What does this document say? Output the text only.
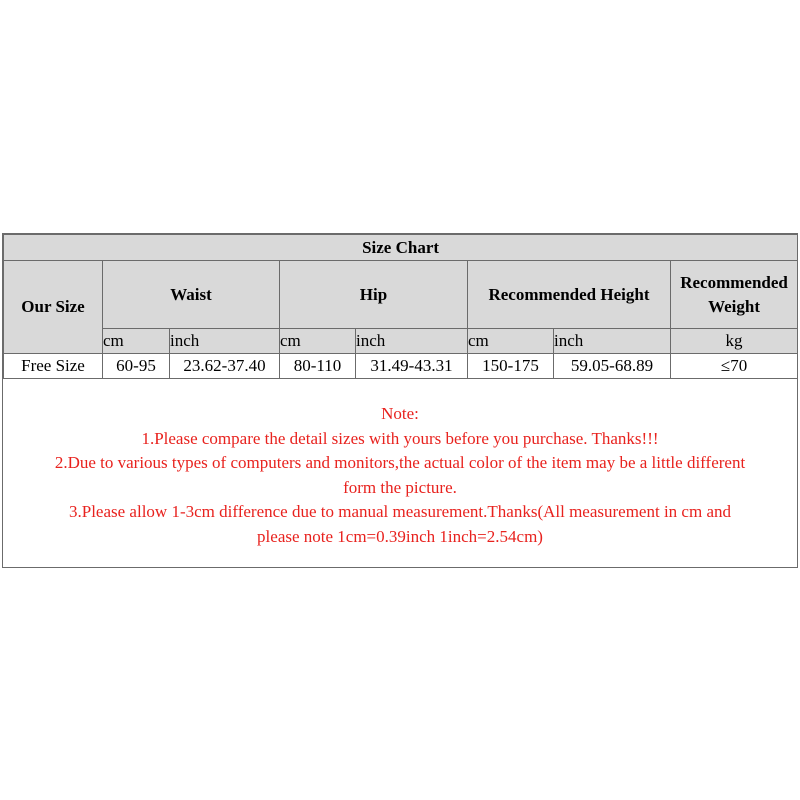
Size Chart							
Our Size	Waist		Hip		Recommended Height		Recommended Weight
	cm	inch	cm	inch	cm	inch	kg
Free Size	60-95	23.62-37.40	80-110	31.49-43.31	150-175	59.05-68.89	≤70

Note:

1.Please compare the detail sizes with yours before you purchase. Thanks!!!

2.Due to various types of computers and monitors,the actual color of the item may be a little different

form the picture.

3.Please allow 1-3cm difference due to manual measurement.Thanks(All measurement in cm and

please note 1cm=0.39inch 1inch=2.54cm)
